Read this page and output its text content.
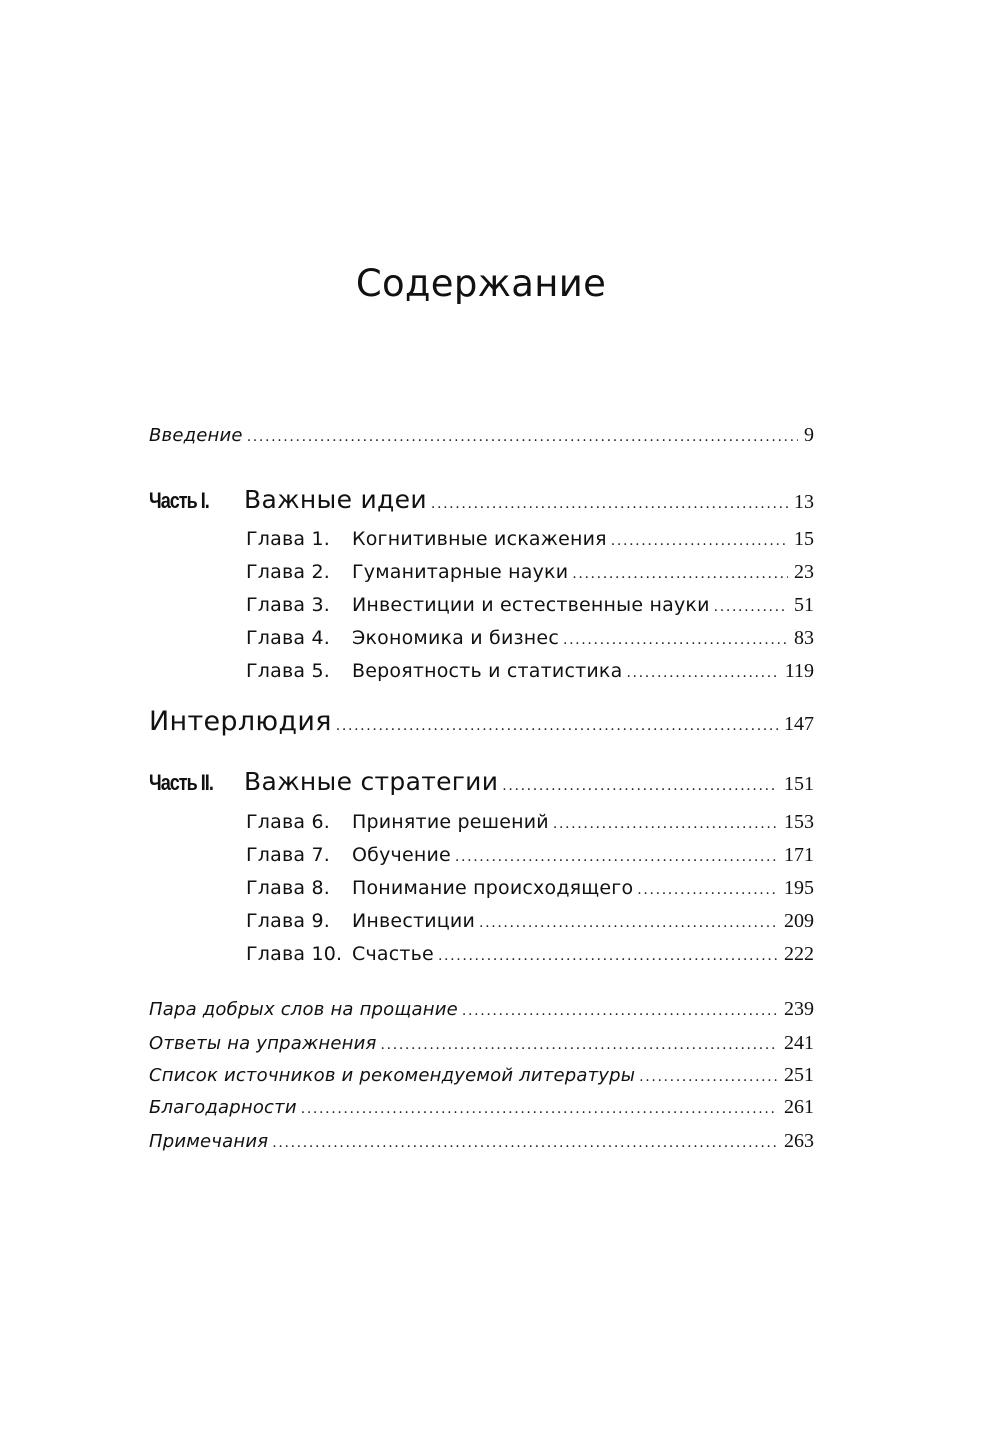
Содержание
Введение . . .	9
Часть I.	Важные идеи . . .	13
Глава 1.	Когнитивные искажения . . .	15
Глава 2.	Гуманитарные науки . . .	23
Глава 3.	Инвестиции и естественные науки . . .	51
Глава 4.	Экономика и бизнес . . .	83
Глава 5.	Вероятность и статистика . . .	119
Интерлюдия . . .	147
Часть II.	Важные стратегии . . .	151
Глава 6.	Принятие решений . . .	153
Глава 7.	Обучение . . .	171
Глава 8.	Понимание происходящего . . .	195
Глава 9.	Инвестиции . . .	209
Глава 10. Счастье . . .	222
Пара добрых слов на прощание . . .	239
Ответы на упражнения . . .	241
Список источников и рекомендуемой литературы . . .	251
Благодарности . . .	261
Примечания . . .	263
